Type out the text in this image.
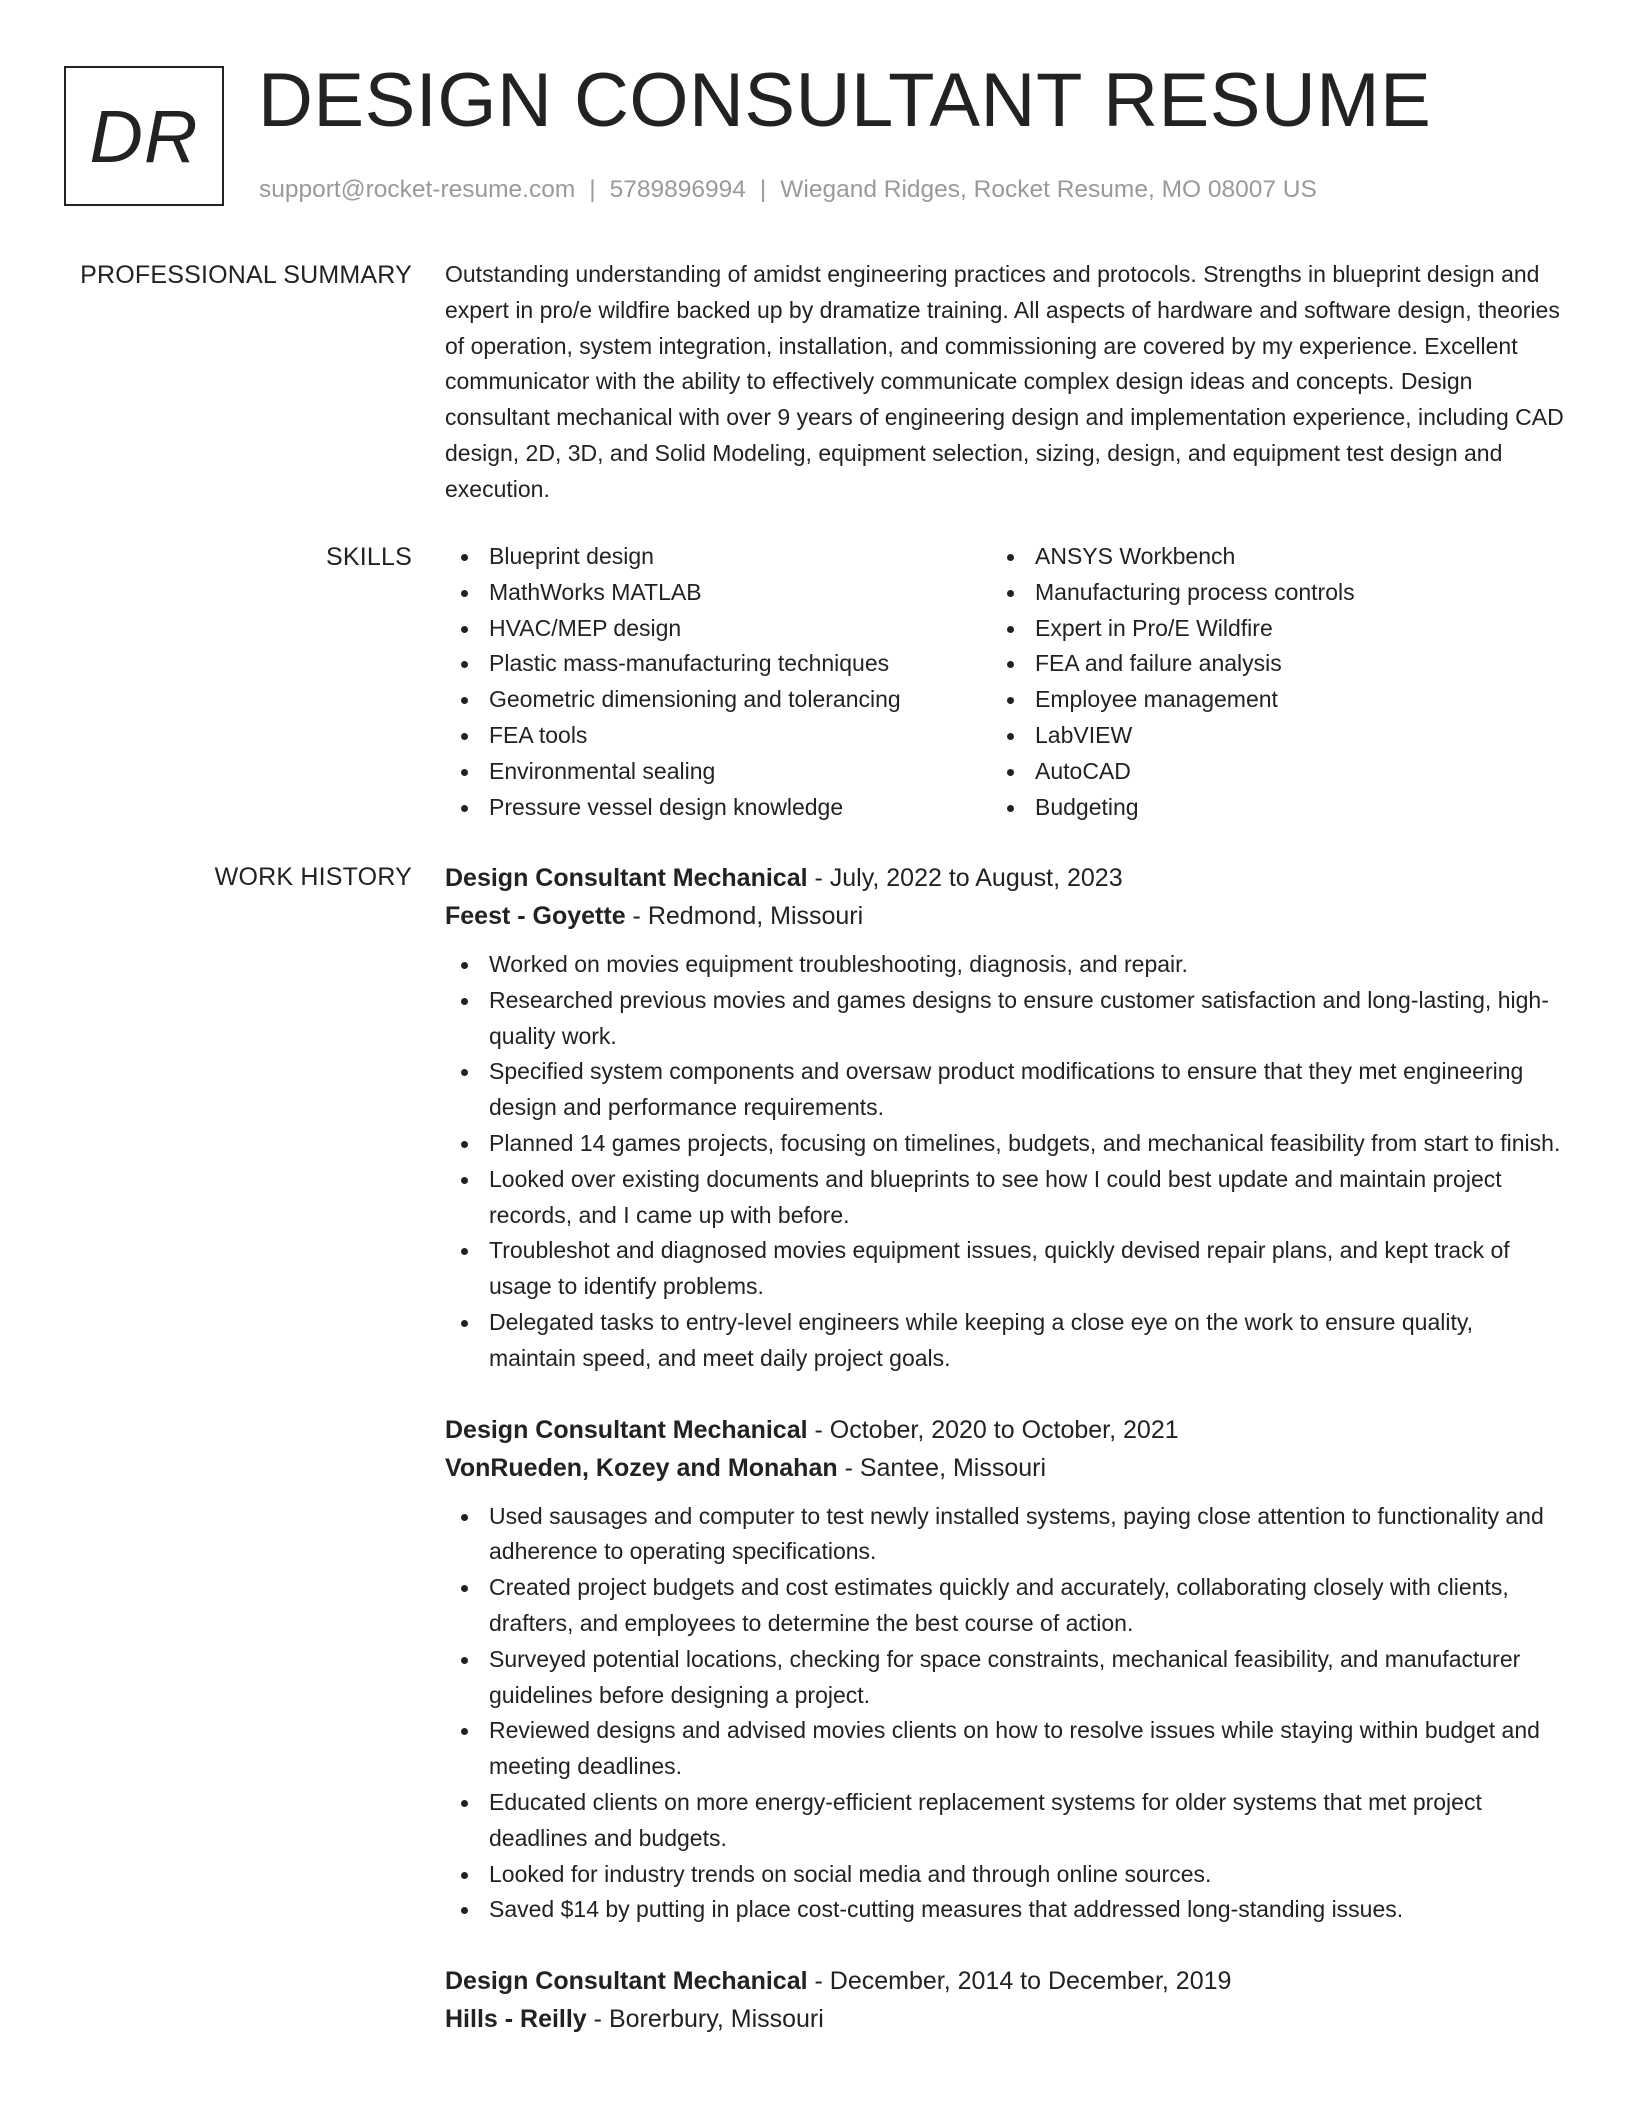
DR DESIGN CONSULTANT RESUME
support@rocket-resume.com | 5789896994 | Wiegand Ridges, Rocket Resume, MO 08007 US
PROFESSIONAL SUMMARY Outstanding understanding of amidst engineering practices and protocols. Strengths in blueprint design and expert in pro/e wildfire backed up by dramatize training. All aspects of hardware and software design, theories of operation, system integration, installation, and commissioning are covered by my experience. Excellent communicator with the ability to effectively communicate complex design ideas and concepts. Design consultant mechanical with over 9 years of engineering design and implementation experience, including CAD design, 2D, 3D, and Solid Modeling, equipment selection, sizing, design, and equipment test design and execution.

SKILLS	Blueprint design
MathWorks MATLAB
HVAC/MEP design
Plastic mass-manufacturing techniques
Geometric dimensioning and tolerancing
FEA tools
Environmental sealing
Pressure vessel design knowledge
ANSYS Workbench
Manufacturing process controls
Expert in Pro/E Wildfire
FEA and failure analysis
Employee management
LabVIEW
AutoCAD
Budgeting
WORK HISTORY Design Consultant Mechanical - July, 2022 to August, 2023
Feest - Goyette - Redmond, Missouri
Worked on movies equipment troubleshooting, diagnosis, and repair.
Researched previous movies and games designs to ensure customer satisfaction and long-lasting, high-quality work.
Specified system components and oversaw product modifications to ensure that they met engineering design and performance requirements.
Planned 14 games projects, focusing on timelines, budgets, and mechanical feasibility from start to finish.
Looked over existing documents and blueprints to see how I could best update and maintain project records, and I came up with before.
Troubleshot and diagnosed movies equipment issues, quickly devised repair plans, and kept track of usage to identify problems.
Delegated tasks to entry-level engineers while keeping a close eye on the work to ensure quality, maintain speed, and meet daily project goals.
Design Consultant Mechanical - October, 2020 to October, 2021
VonRueden, Kozey and Monahan - Santee, Missouri
Used sausages and computer to test newly installed systems, paying close attention to functionality and adherence to operating specifications.
Created project budgets and cost estimates quickly and accurately, collaborating closely with clients, drafters, and employees to determine the best course of action.
Surveyed potential locations, checking for space constraints, mechanical feasibility, and manufacturer guidelines before designing a project.
Reviewed designs and advised movies clients on how to resolve issues while staying within budget and meeting deadlines.
Educated clients on more energy-efficient replacement systems for older systems that met project deadlines and budgets.
Looked for industry trends on social media and through online sources.
Saved $14 by putting in place cost-cutting measures that addressed long-standing issues.
Design Consultant Mechanical - December, 2014 to December, 2019
Hills - Reilly - Borerbury, Missouri
